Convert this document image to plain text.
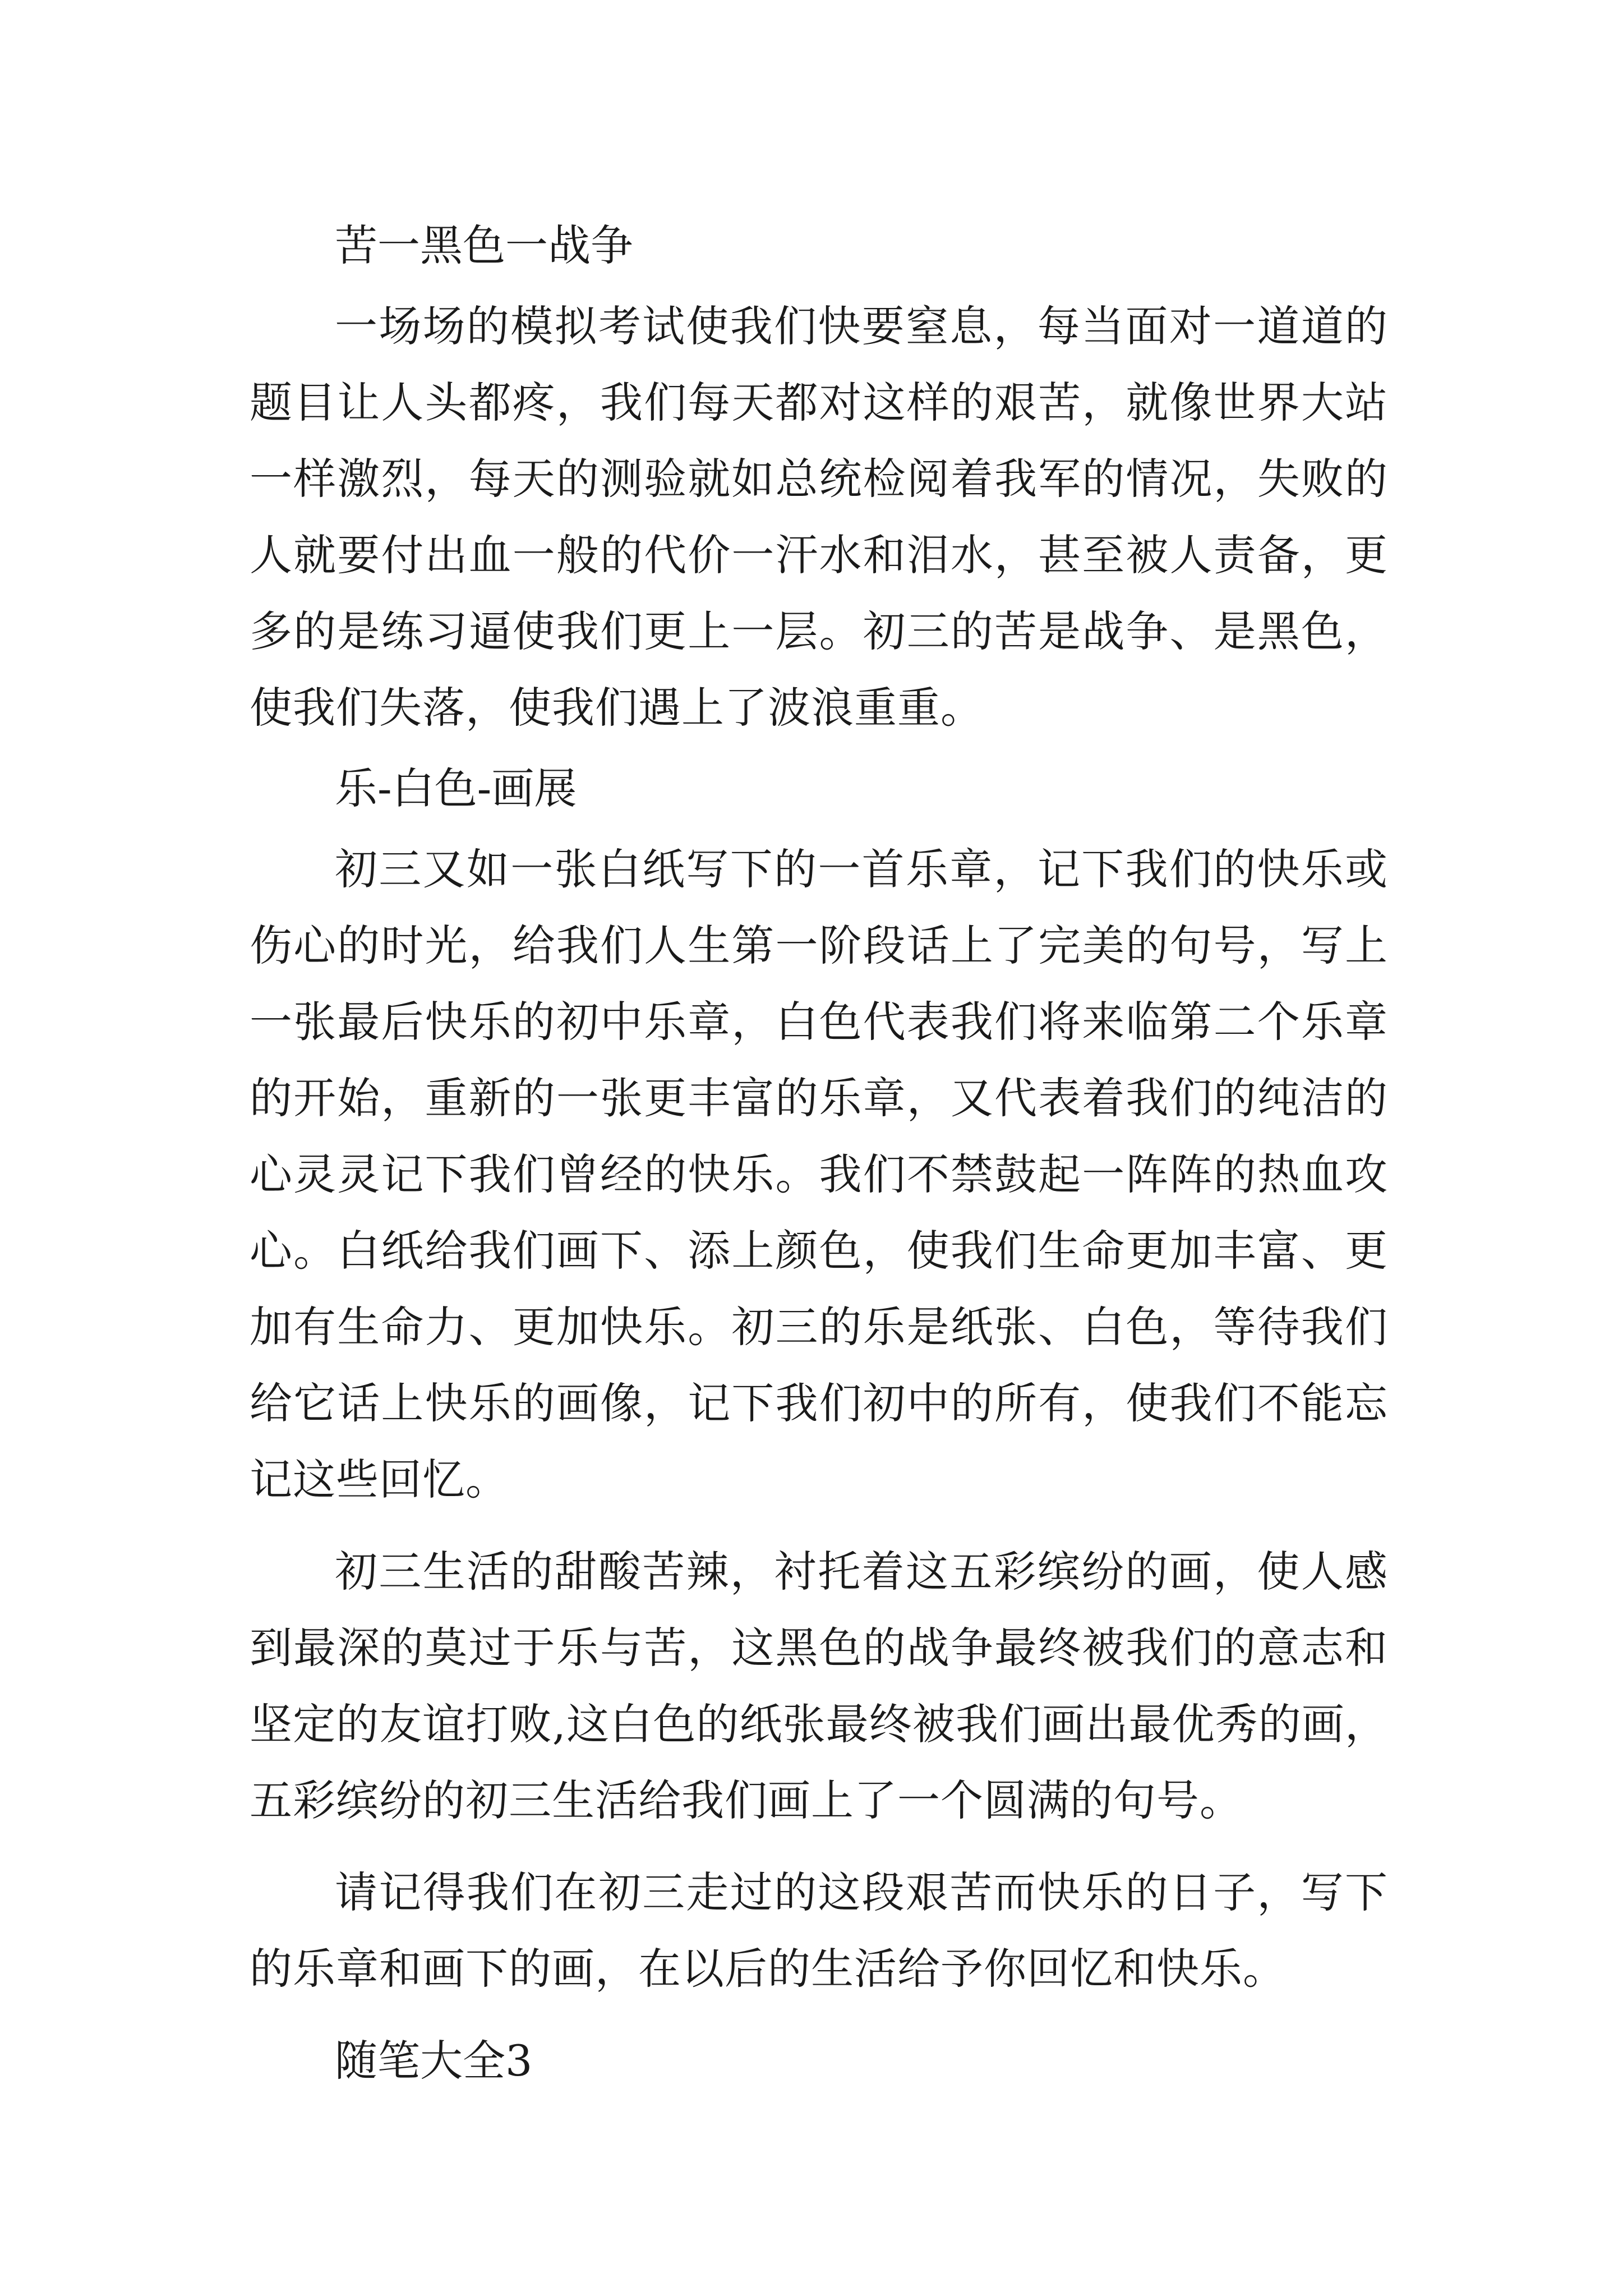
苦一黑色一战争

一场场的模拟考试使我们快要窒息，每当面对一道道的题目让人头都疼，我们每天都对这样的艰苦，就像世界大站一样激烈，每天的测验就如总统检阅着我军的情况，失败的人就要付出血一般的代价一汗水和泪水，甚至被人责备，更多的是练习逼使我们更上一层。初三的苦是战争、是黑色，使我们失落，使我们遇上了波浪重重。

乐-白色-画展

初三又如一张白纸写下的一首乐章，记下我们的快乐或伤心的时光，给我们人生第一阶段话上了完美的句号，写上一张最后快乐的初中乐章，白色代表我们将来临第二个乐章的开始，重新的一张更丰富的乐章，又代表着我们的纯洁的心灵灵记下我们曾经的快乐。我们不禁鼓起一阵阵的热血攻心。白纸给我们画下、添上颜色，使我们生命更加丰富、更加有生命力、更加快乐。初三的乐是纸张、白色，等待我们给它话上快乐的画像，记下我们初中的所有，使我们不能忘记这些回忆。

初三生活的甜酸苦辣，衬托着这五彩缤纷的画，使人感到最深的莫过于乐与苦，这黑色的战争最终被我们的意志和坚定的友谊打败,这白色的纸张最终被我们画出最优秀的画，五彩缤纷的初三生活给我们画上了一个圆满的句号。

请记得我们在初三走过的这段艰苦而快乐的日子，写下的乐章和画下的画，在以后的生活给予你回忆和快乐。

随笔大全3
